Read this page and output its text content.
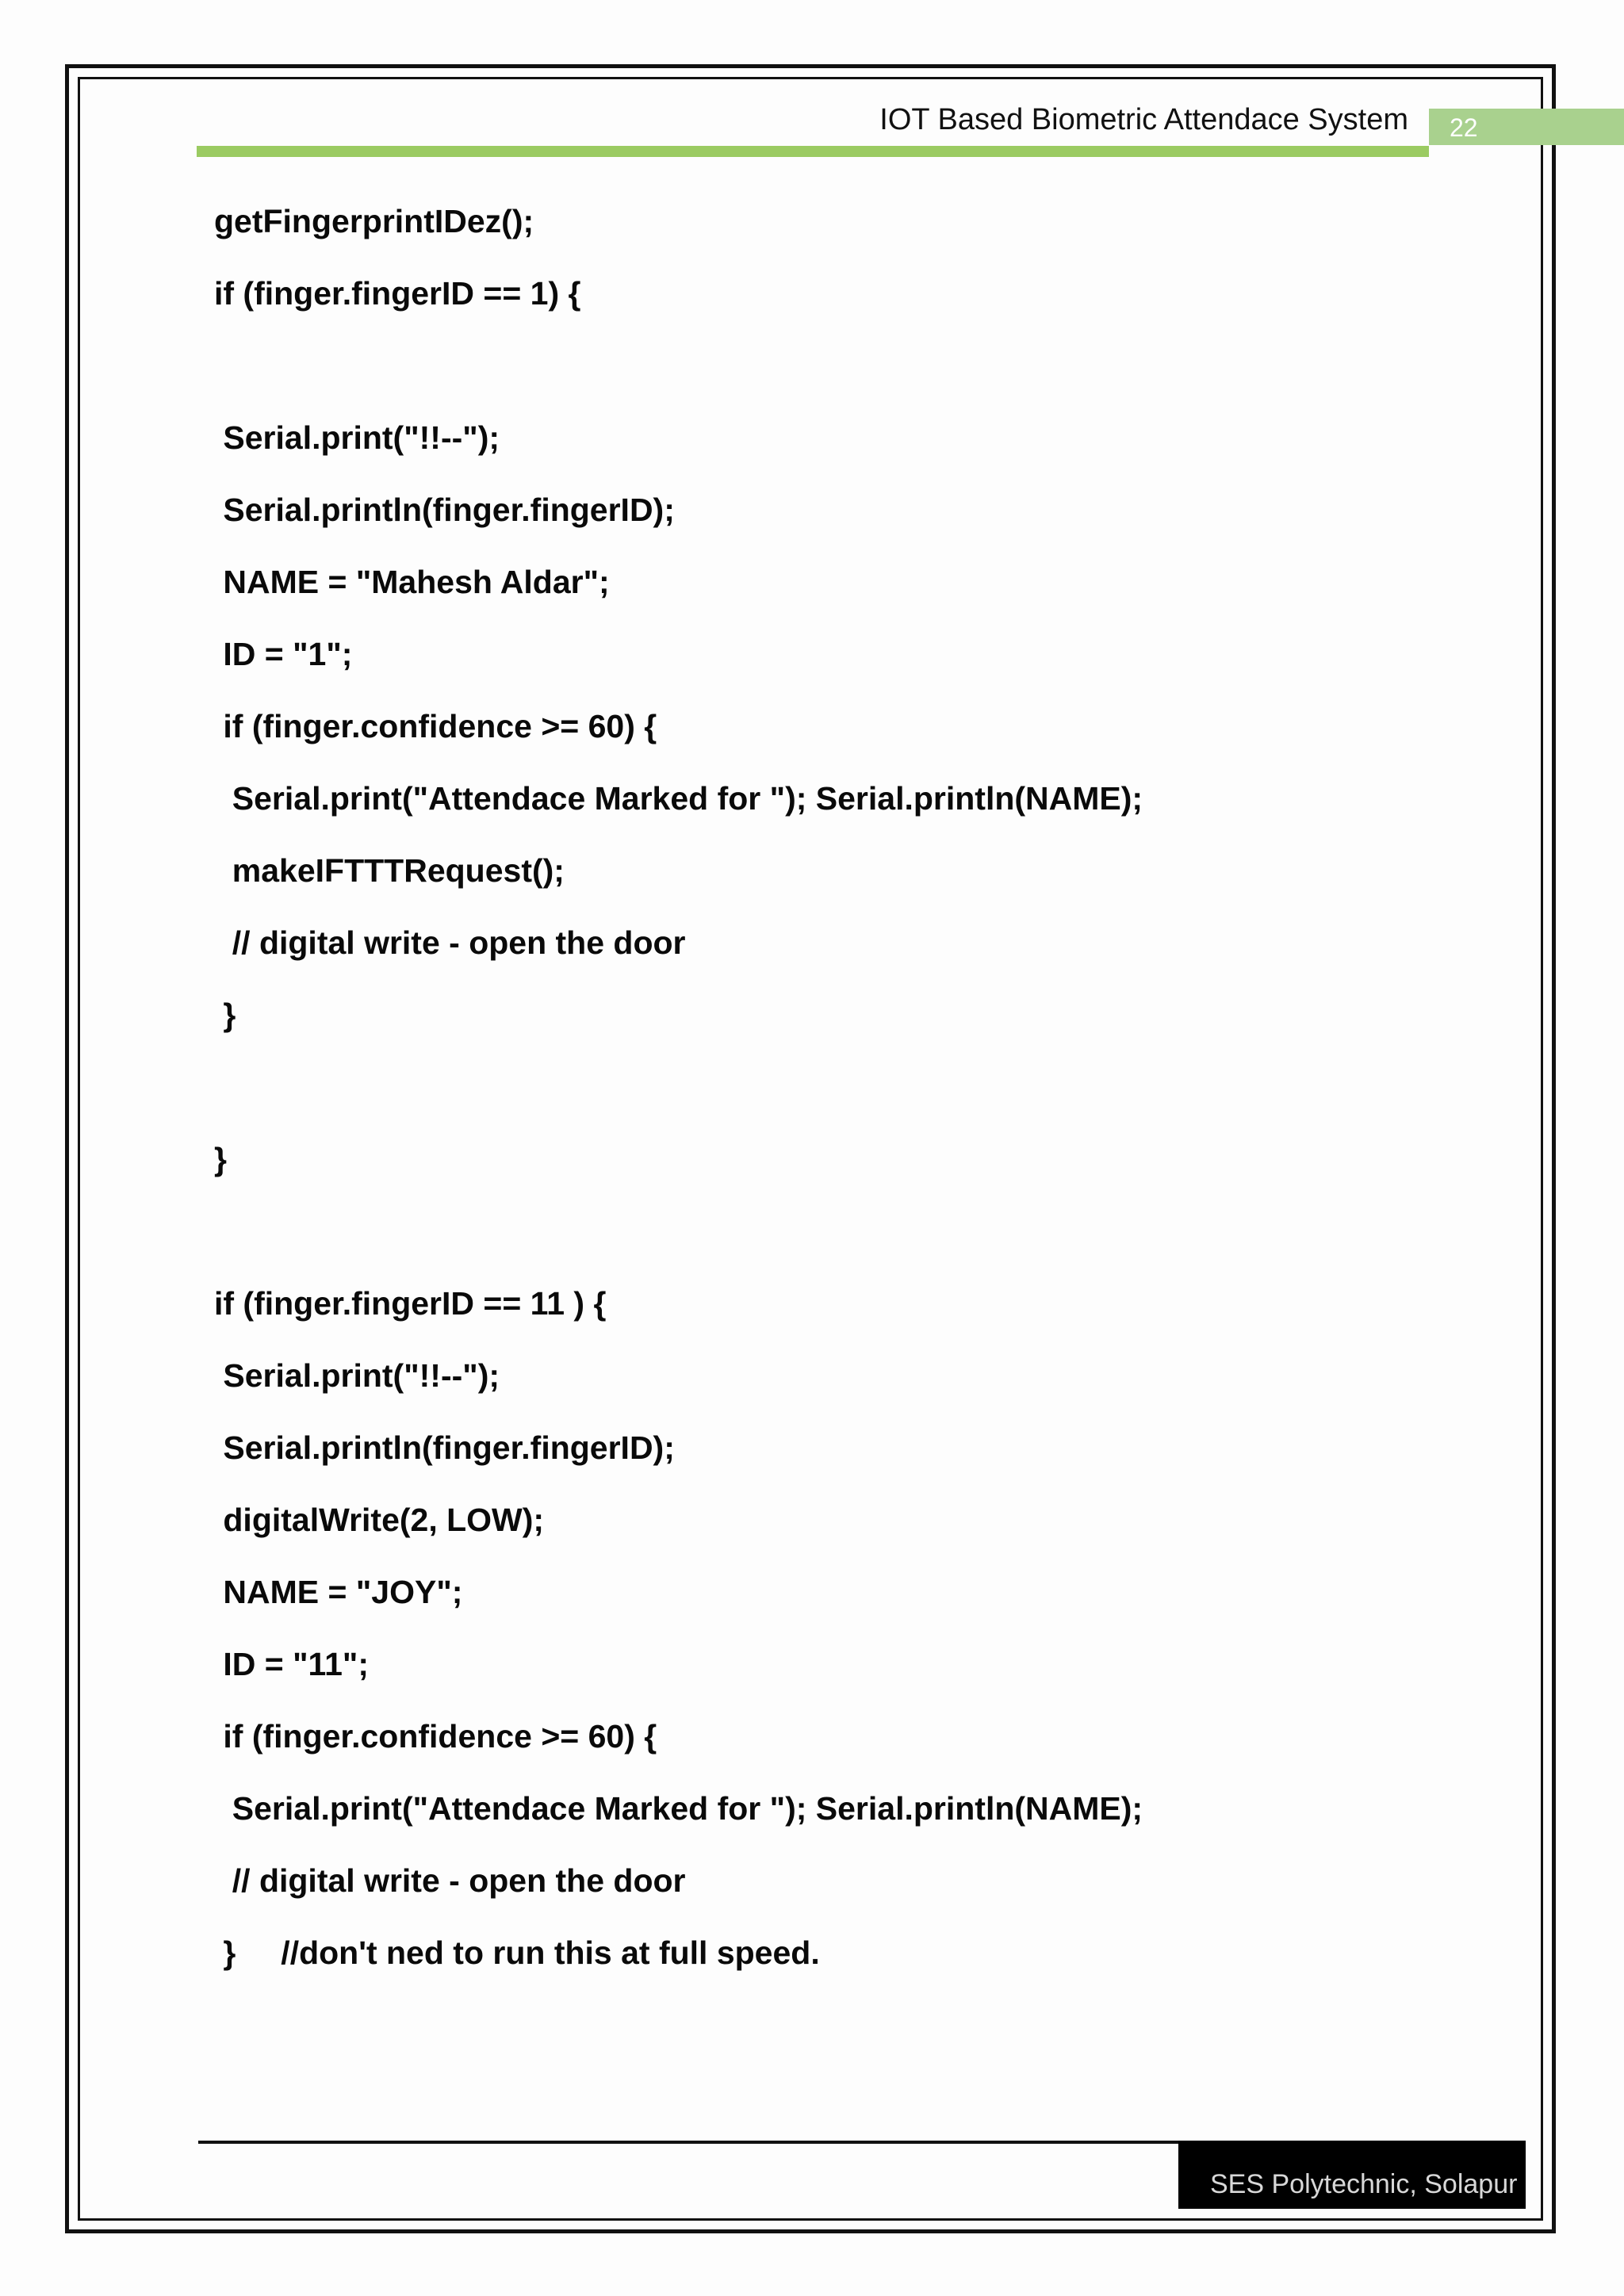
IOT Based Biometric Attendace System	22
getFingerprintIDez();
if (finger.fingerID == 1) {
Serial.print("!!--");
Serial.println(finger.fingerID);
NAME = "Mahesh Aldar";
ID = "1";
if (finger.confidence >= 60) {
Serial.print("Attendace Marked for "); Serial.println(NAME);
makeIFTTTRequest();
// digital write - open the door
}
}
if (finger.fingerID == 11 ) {
Serial.print("!!--");
Serial.println(finger.fingerID);
digitalWrite(2, LOW);
NAME = "JOY";
ID = "11";
if (finger.confidence >= 60) {
Serial.print("Attendace Marked for "); Serial.println(NAME);
// digital write - open the door
}     //don't ned to run this at full speed.
SES Polytechnic, Solapur
